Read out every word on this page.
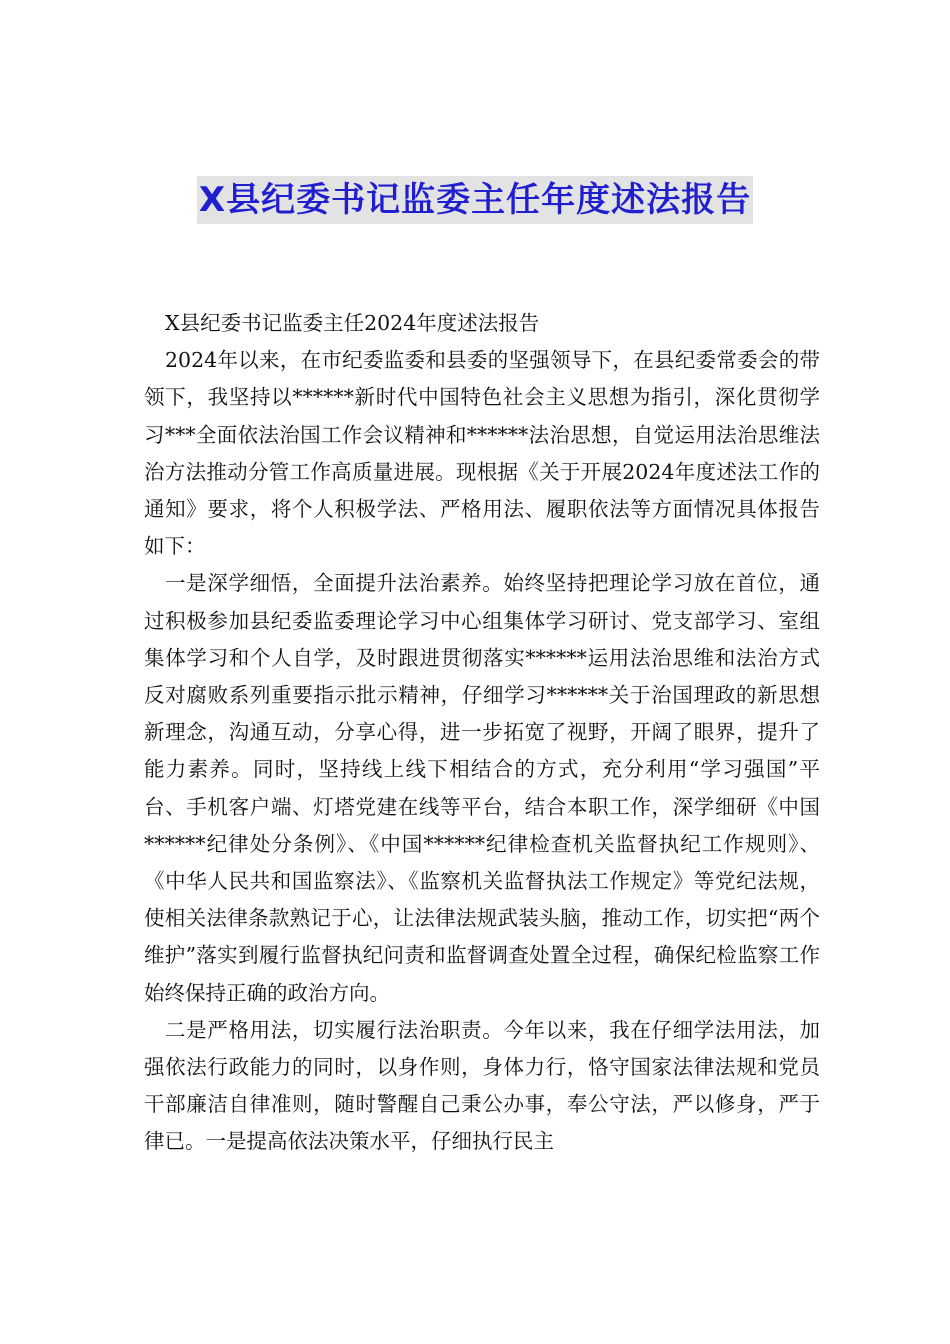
X县纪委书记监委主任年度述法报告

X县纪委书记监委主任2024年度述法报告

2024年以来，在市纪委监委和县委的坚强领导下，在县纪委常委会的带领下，我坚持以******新时代中国特色社会主义思想为指引，深化贯彻学习***全面依法治国工作会议精神和******法治思想，自觉运用法治思维法治方法推动分管工作高质量进展。现根据《关于开展2024年度述法工作的通知》要求，将个人积极学法、严格用法、履职依法等方面情况具体报告如下：

一是深学细悟，全面提升法治素养。始终坚持把理论学习放在首位，通过积极参加县纪委监委理论学习中心组集体学习研讨、党支部学习、室组集体学习和个人自学，及时跟进贯彻落实******运用法治思维和法治方式反对腐败系列重要指示批示精神，仔细学习******关于治国理政的新思想新理念，沟通互动，分享心得，进一步拓宽了视野，开阔了眼界，提升了能力素养。同时，坚持线上线下相结合的方式，充分利用“学习强国”平台、手机客户端、灯塔党建在线等平台，结合本职工作，深学细研《中国******纪律处分条例》、《中国******纪律检查机关监督执纪工作规则》、《中华人民共和国监察法》、《监察机关监督执法工作规定》等党纪法规，使相关法律条款熟记于心，让法律法规武装头脑，推动工作，切实把“两个维护”落实到履行监督执纪问责和监督调查处置全过程，确保纪检监察工作始终保持正确的政治方向。

二是严格用法，切实履行法治职责。今年以来，我在仔细学法用法，加强依法行政能力的同时，以身作则，身体力行，恪守国家法律法规和党员干部廉洁自律准则，随时警醒自己秉公办事，奉公守法，严以修身，严于律已。一是提高依法决策水平，仔细执行民主
